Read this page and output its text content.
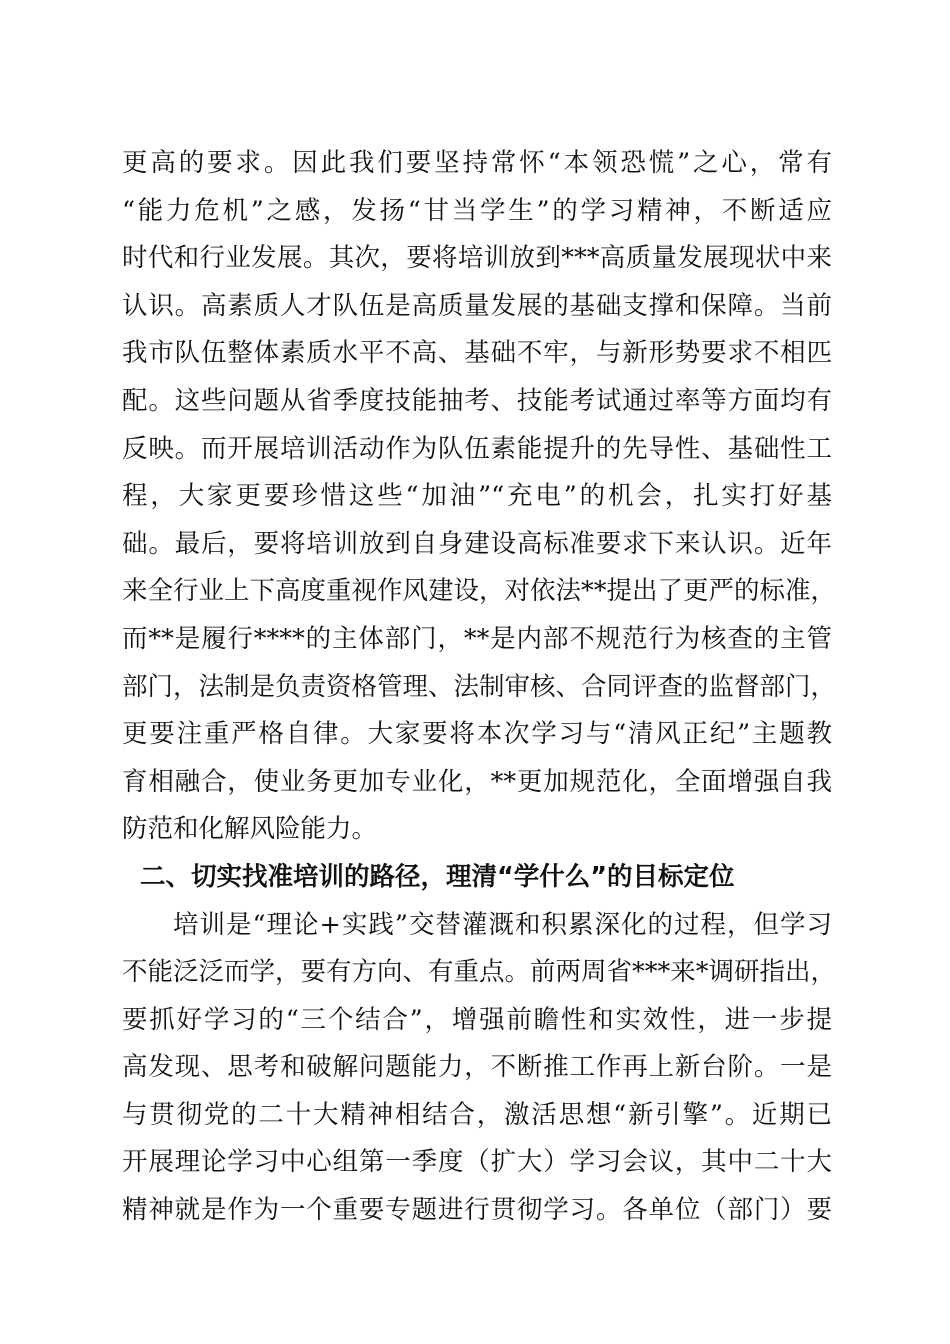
更高的要求。因此我们要坚持常怀“本领恐慌”之心，常有
“能力危机”之感，发扬“甘当学生”的学习精神，不断适应
时代和行业发展。其次，要将培训放到***高质量发展现状中来
认识。高素质人才队伍是高质量发展的基础支撑和保障。当前
我市队伍整体素质水平不高、基础不牢，与新形势要求不相匹
配。这些问题从省季度技能抽考、技能考试通过率等方面均有
反映。而开展培训活动作为队伍素能提升的先导性、基础性工
程，大家更要珍惜这些“加油”“充电”的机会，扎实打好基
础。最后，要将培训放到自身建设高标准要求下来认识。近年
来全行业上下高度重视作风建设，对依法**提出了更严的标准，
而**是履行****的主体部门，**是内部不规范行为核查的主管
部门，法制是负责资格管理、法制审核、合同评查的监督部门，
更要注重严格自律。大家要将本次学习与“清风正纪”主题教
育相融合，使业务更加专业化，**更加规范化，全面增强自我
防范和化解风险能力。
二、切实找准培训的路径，理清“学什么”的目标定位
培训是“理论+实践”交替灌溉和积累深化的过程，但学习
不能泛泛而学，要有方向、有重点。前两周省***来*调研指出，
要抓好学习的“三个结合”，增强前瞻性和实效性，进一步提
高发现、思考和破解问题能力，不断推工作再上新台阶。一是
与贯彻党的二十大精神相结合，激活思想“新引擎”。近期已
开展理论学习中心组第一季度（扩大）学习会议，其中二十大
精神就是作为一个重要专题进行贯彻学习。各单位（部门）要
